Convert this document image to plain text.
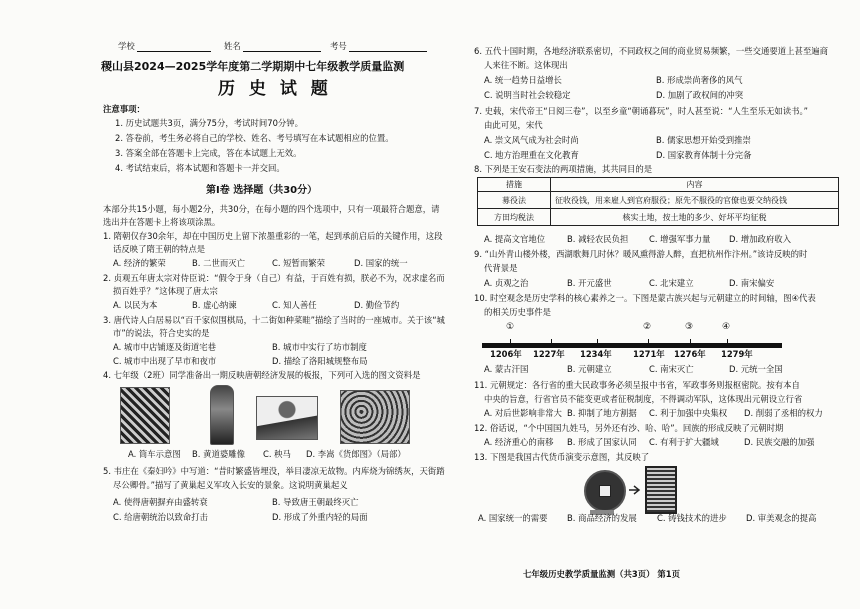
学校	姓名	考号
稷山县2024—2025学年度第二学期期中七年级教学质量监测
历 史 试 题
注意事项：
1. 历史试题共3页，满分75分，考试时间70分钟。
2. 答卷前，考生务必将自己的学校、姓名、考号填写在本试题相应的位置。
3. 答案全部在答题卡上完成，答在本试题上无效。
4. 考试结束后，将本试题和答题卡一并交回。
第Ⅰ卷 选择题（共30分）
本部分共15小题，每小题2分，共30分，在每小题的四个选项中，只有一项最符合题意，请
选出并在答题卡上将该项涂黑。
1. 隋朝仅存30余年，却在中国历史上留下浓墨重彩的一笔，起到承前启后的关键作用，这段
话反映了隋王朝的特点是
A. 经济的繁荣	B. 二世而灭亡	C. 短暂而繁荣	D. 国家的统一
2. 贞观五年唐太宗对侍臣说：“假令于身（自己）有益，于百姓有损，朕必不为，况求虚名而
损百姓乎？”这体现了唐太宗
A. 以民为本	B. 虚心纳谏	C. 知人善任	D. 勤俭节约
3. 唐代诗人白居易以“百千家似围棋局，十二街如种菜畦”描绘了当时的一座城市。关于该“城
市”的说法，符合史实的是
A. 城市中店铺逐及街道宅巷	B. 城市中实行了坊市制度
C. 城市中出现了早市和夜市	D. 描绘了洛阳城规整布局
4. 七年级（2班）同学准备出一期反映唐朝经济发展的板报，下列可入选的图文资料是
A. 筒车示意图 B. 黄道婆雕像 C. 秧马 D. 李嵩《货郎图》（局部）
5. 韦庄在《秦妇吟》中写道：“昔时繁盛皆埋没，举目凄凉无故物。内库烧为锦绣灰，天街踏
尽公卿骨。”描写了黄巢起义军攻入长安的景象。这说明黄巢起义
A. 使得唐朝摒弃由盛转衰	B. 导致唐王朝最终灭亡
C. 给唐朝统治以致命打击	D. 形成了外重内轻的局面
6. 五代十国时期，各地经济联系密切，不同政权之间的商业贸易频繁，一些交通要道上甚至遍商
人来往不断。这体现出
A. 统一趋势日益增长	B. 形成崇尚奢侈的风气
C. 说明当时社会较稳定	D. 加剧了政权间的冲突
7. 史载，宋代帝王“日阅三卷”，以至乡童“朝诵暮玩”，时人甚至说：“人生至乐无如读书。”
由此可见，宋代
A. 崇文风气成为社会时尚	B. 儒家思想开始受到推崇
C. 地方治理重在文化教育	D. 国家教育体制十分完备
8. 下列是王安石变法的两项措施，其共同目的是
措施	内容
募役法	征收役钱，用来雇人到官府服役；原先不服役的官僚也要交纳役钱
方田均税法	核实土地，按土地的多少、好坏平均征税
A. 提高文官地位	B. 减轻农民负担 C. 增强军事力量 D. 增加政府收入
9. “山外青山楼外楼，西湖歌舞几时休？暖风熏得游人醉，直把杭州作汴州。”该诗反映的时
代背景是
A. 贞观之治	B. 开元盛世	C. 北宋建立	D. 南宋偏安
10. 时空观念是历史学科的核心素养之一。下图是蒙古族兴起与元朝建立的时间轴，图④代表
的相关历史事件是
①	②	③	④
1206年 1227年 1234年	1271年 1276年 1279年
A. 蒙古汗国	B. 元朝建立	C. 南宋灭亡	D. 元统一全国
11. 元朝规定：各行省的重大民政事务必须呈报中书省，军政事务则报枢密院。按有本自
中央的旨意，行省官员不能变更或者征税制度，不得调动军队，这体现出元朝设立行省
A. 对后世影响非常大 B. 抑制了地方割据 C. 利于加强中央集权 D. 削弱了丞相的权力
12. 俗话说，“个中国国九姓马，另外还有沙、哈、哈”。回族的形成反映了元朝时期
A. 经济重心的南移 B. 形成了国家认同 C. 有利于扩大疆域	D. 民族交融的加强
13. 下图是我国古代货币演变示意图，其反映了
A. 国家统一的需要 B. 商品经济的发展 C. 铸钱技术的进步 D. 审美观念的提高
七年级历史教学质量监测（共3页） 第1页
